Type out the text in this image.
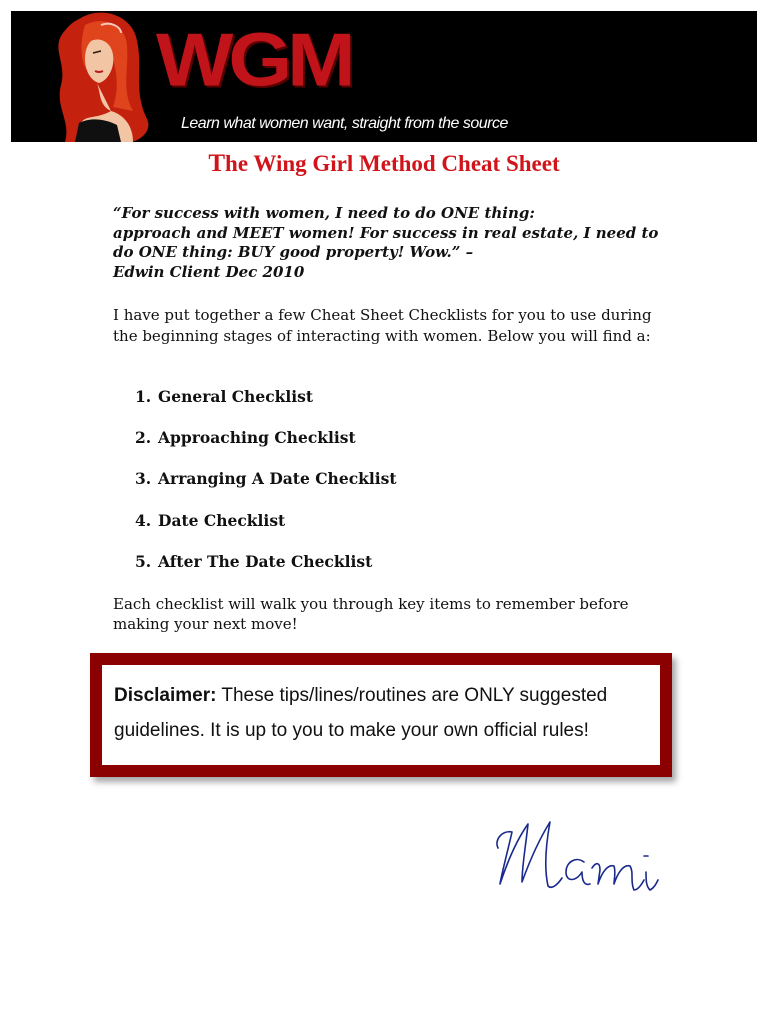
WGM

Learn what women want, straight from the source
The Wing Girl Method Cheat Sheet

“For success with women, I need to do ONE thing:
approach and MEET women! For success in real estate, I need to do ONE thing: BUY good property! Wow.” –
Edwin Client Dec 2010

I have put together a few Cheat Sheet Checklists for you to use during the beginning stages of interacting with women. Below you will find a:

1. General Checklist
2. Approaching Checklist
3. Arranging A Date Checklist
4. Date Checklist
5. After The Date Checklist

Each checklist will walk you through key items to remember before making your next move!

Disclaimer: These tips/lines/routines are ONLY suggested guidelines. It is up to you to make your own official rules!
